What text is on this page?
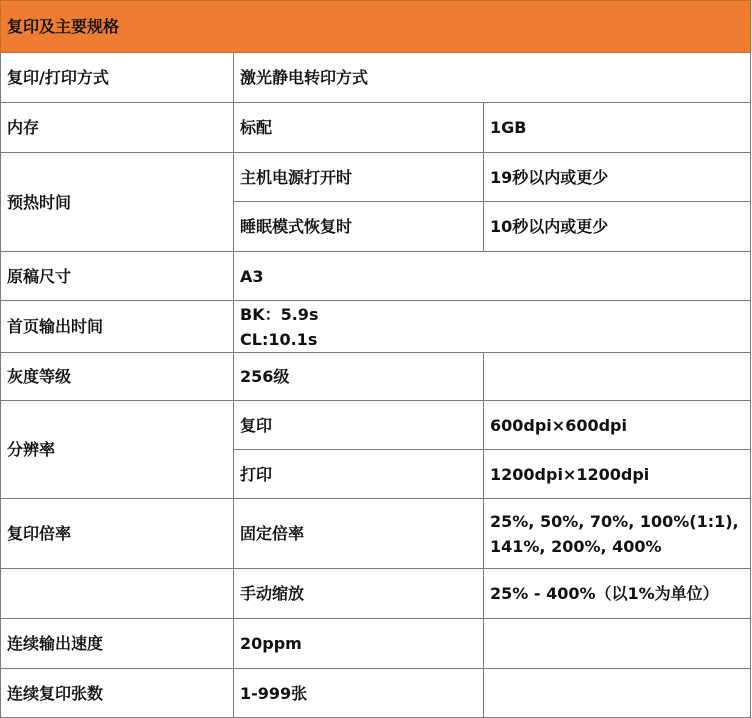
复印及主要规格		
复印/打印方式	激光静电转印方式	
内存	标配	1GB
预热时间	主机电源打开时	19秒以内或更少
	睡眠模式恢复时	10秒以内或更少
原稿尺寸	A3	
首页输出时间	BK：5.9s
CL:10.1s	

灰度等级	256级	
分辨率	复印	600dpi×600dpi
	打印	1200dpi×1200dpi
复印倍率	固定倍率	25%, 50%, 70%, 100%(1:1),
141%, 200%, 400%

	手动缩放	25% - 400%（以1%为单位）
连续输出速度	20ppm	
连续复印张数	1-999张	
